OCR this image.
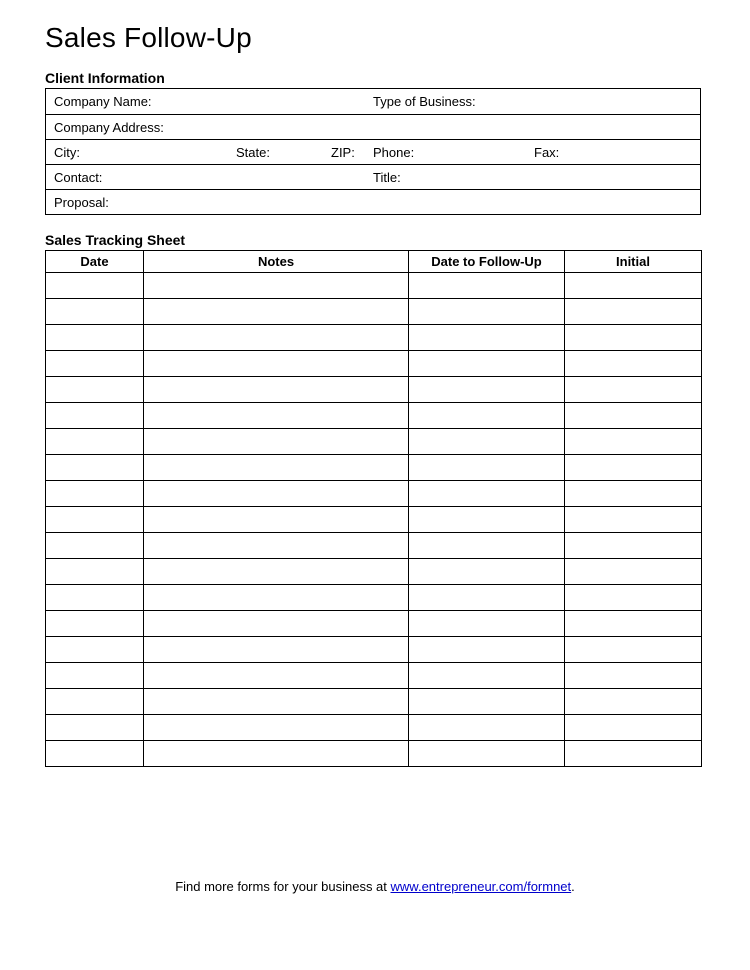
Sales Follow-Up
Client Information
Company Name:	Type of Business:
Company Address:
City:	State:	ZIP: Phone:	Fax:
Contact:	Title:
Proposal:
Sales Tracking Sheet
Date	Notes	Date to Follow-Up	Initial

Find more forms for your business at www.entrepreneur.com/formnet.
